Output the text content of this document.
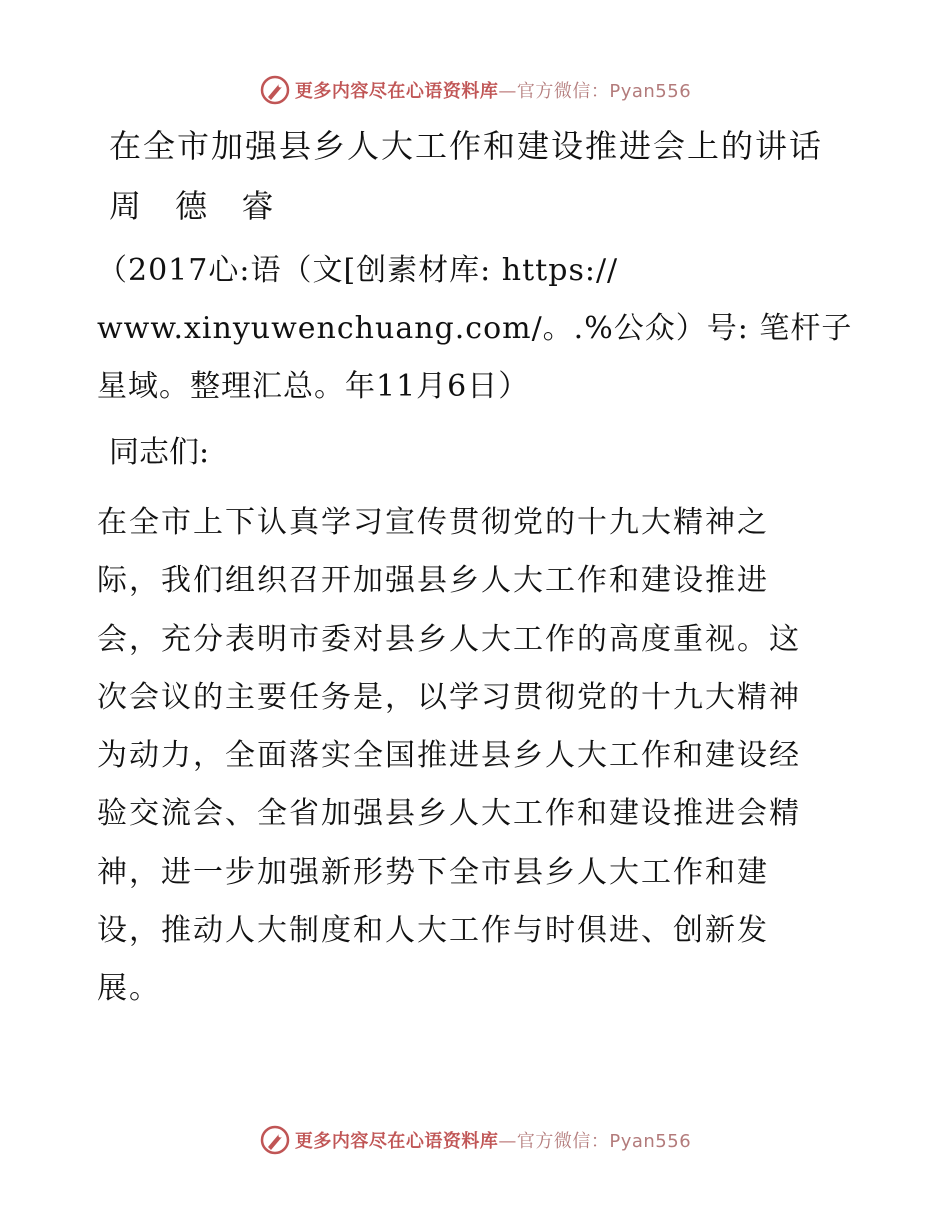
更多内容尽在心语资料库—官方微信：Pyan556
在全市加强县乡人大工作和建设推进会上的讲话
周 德 睿
（2017心:语（文[创素材库: https://
www.xinyuwenchuang.com/。.%公众）号: 笔杆子
星域。整理汇总。年11月6日）
同志们:
在全市上下认真学习宣传贯彻党的十九大精神之
际，我们组织召开加强县乡人大工作和建设推进
会，充分表明市委对县乡人大工作的高度重视。这
次会议的主要任务是，以学习贯彻党的十九大精神
为动力，全面落实全国推进县乡人大工作和建设经
验交流会、全省加强县乡人大工作和建设推进会精
神，进一步加强新形势下全市县乡人大工作和建
设，推动人大制度和人大工作与时俱进、创新发
展。
更多内容尽在心语资料库—官方微信：Pyan556
